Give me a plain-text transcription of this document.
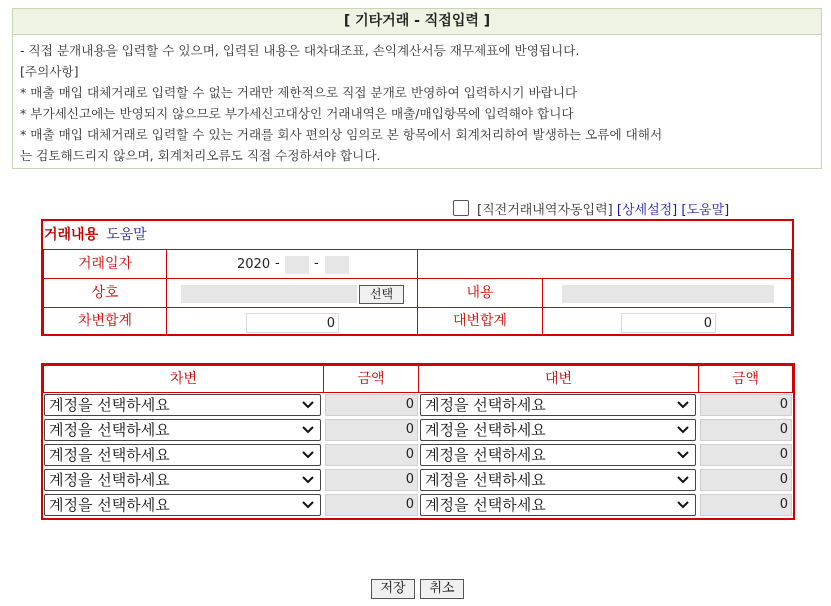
[ 기타거래 - 직접입력 ]

- 직접 분개내용을 입력할 수 있으며, 입력된 내용은 대차대조표, 손익계산서등 재무제표에 반영됩니다.

[주의사항]

* 매출 매입 대체거래로 입력할 수 없는 거래만 제한적으로 직접 분개로 반영하여 입력하시기 바랍니다

* 부가세신고에는 반영되지 않으므로 부가세신고대상인 거래내역은 매출/매입항목에 입력해야 합니다

* 매출 매입 대체거래로 입력할 수 있는 거래를 회사 편의상 임의로 본 항목에서 회계처리하여 발생하는 오류에 대해서

는 검토해드리지 않으며, 회계처리오류도 직접 수정하셔야 합니다.

[직전거래내역자동입력] [상세설정] [도움말]
거래내용 도움말
거래일자	2020 -	-
상호	선택	내용
차변합계	0	대변합계	0
차변	금액	대변	금액
계정을 선택하세요	0 계정을 선택하세요	0
계정을 선택하세요	0 계정을 선택하세요	0
계정을 선택하세요	0 계정을 선택하세요	0
계정을 선택하세요	0 계정을 선택하세요	0
계정을 선택하세요	0 계정을 선택하세요	0
저장	취소
